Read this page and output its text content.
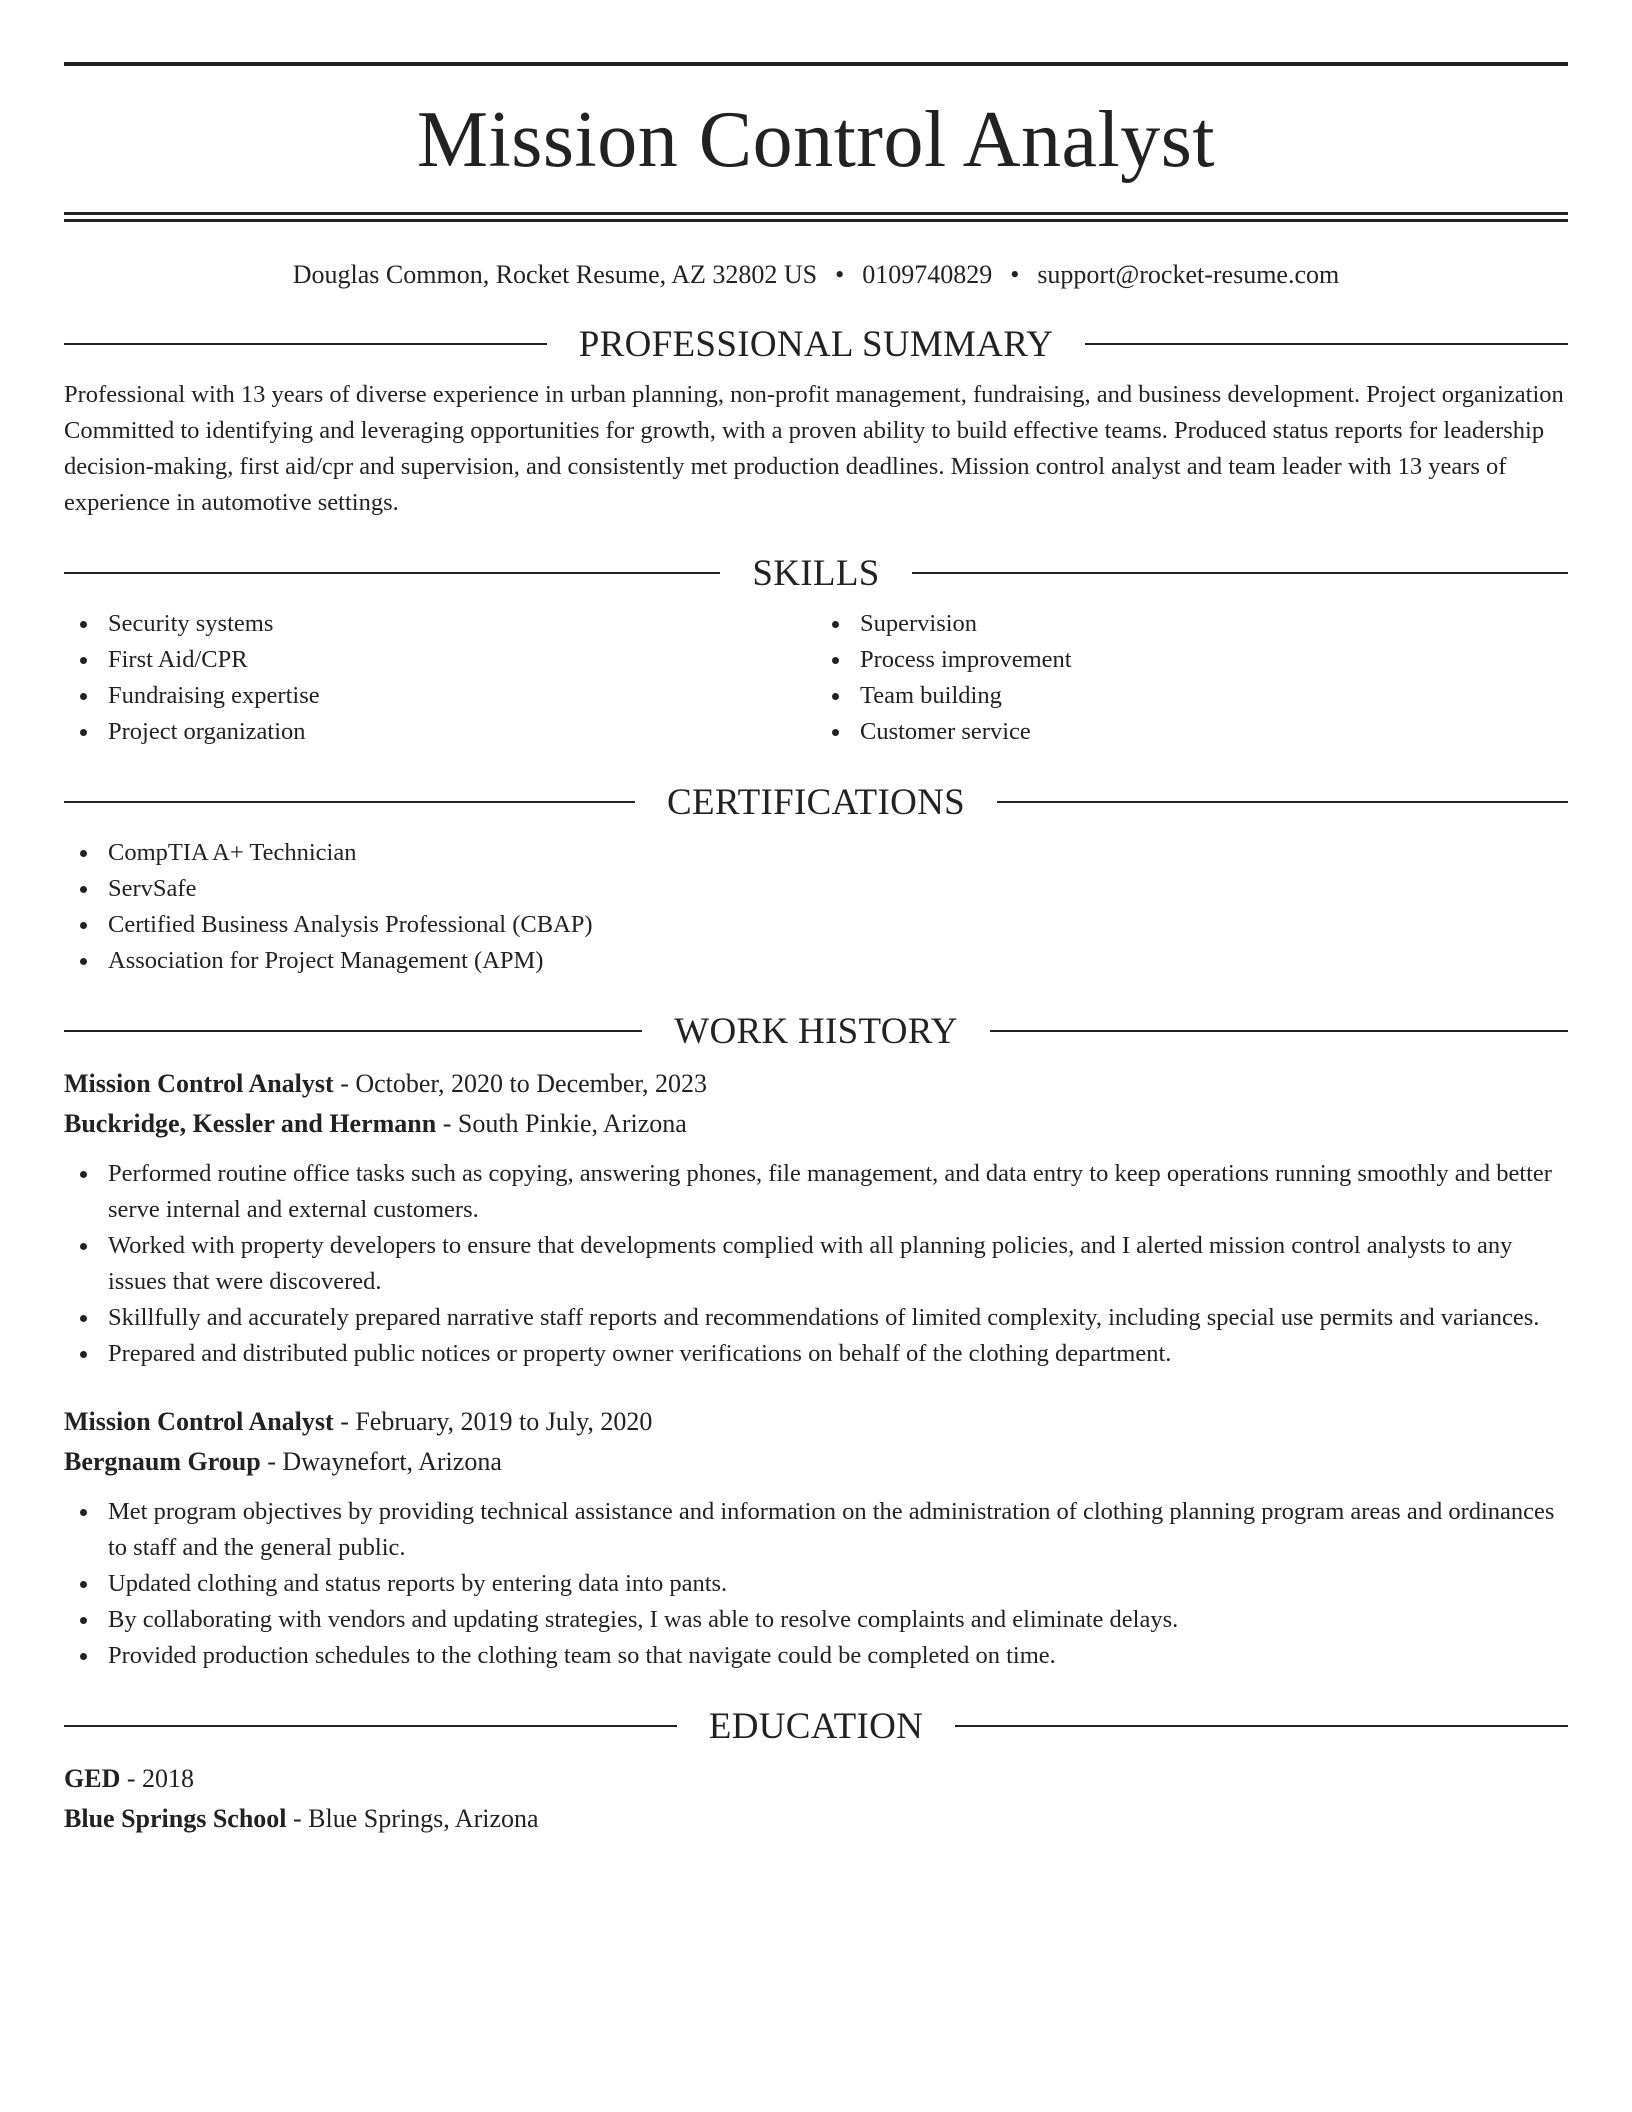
Mission Control Analyst
Douglas Common, Rocket Resume, AZ 32802 US • 0109740829 • support@rocket-resume.com
PROFESSIONAL SUMMARY

Professional with 13 years of diverse experience in urban planning, non-profit management, fundraising, and business development. Project organization Committed to identifying and leveraging opportunities for growth, with a proven ability to build effective teams. Produced status reports for leadership decision-making, first aid/cpr and supervision, and consistently met production deadlines. Mission control analyst and team leader with 13 years of experience in automotive settings.

SKILLS
Security systems
First Aid/CPR
Fundraising expertise
Project organization
Supervision
Process improvement
Team building
Customer service
CERTIFICATIONS
CompTIA A+ Technician
ServSafe
Certified Business Analysis Professional (CBAP)
Association for Project Management (APM)
WORK HISTORY
Mission Control Analyst - October, 2020 to December, 2023
Buckridge, Kessler and Hermann - South Pinkie, Arizona
Performed routine office tasks such as copying, answering phones, file management, and data entry to keep operations running smoothly and better serve internal and external customers.
Worked with property developers to ensure that developments complied with all planning policies, and I alerted mission control analysts to any issues that were discovered.
Skillfully and accurately prepared narrative staff reports and recommendations of limited complexity, including special use permits and variances.
Prepared and distributed public notices or property owner verifications on behalf of the clothing department.
Mission Control Analyst - February, 2019 to July, 2020
Bergnaum Group - Dwaynefort, Arizona
Met program objectives by providing technical assistance and information on the administration of clothing planning program areas and ordinances to staff and the general public.
Updated clothing and status reports by entering data into pants.
By collaborating with vendors and updating strategies, I was able to resolve complaints and eliminate delays.
Provided production schedules to the clothing team so that navigate could be completed on time.
EDUCATION
GED - 2018
Blue Springs School - Blue Springs, Arizona
